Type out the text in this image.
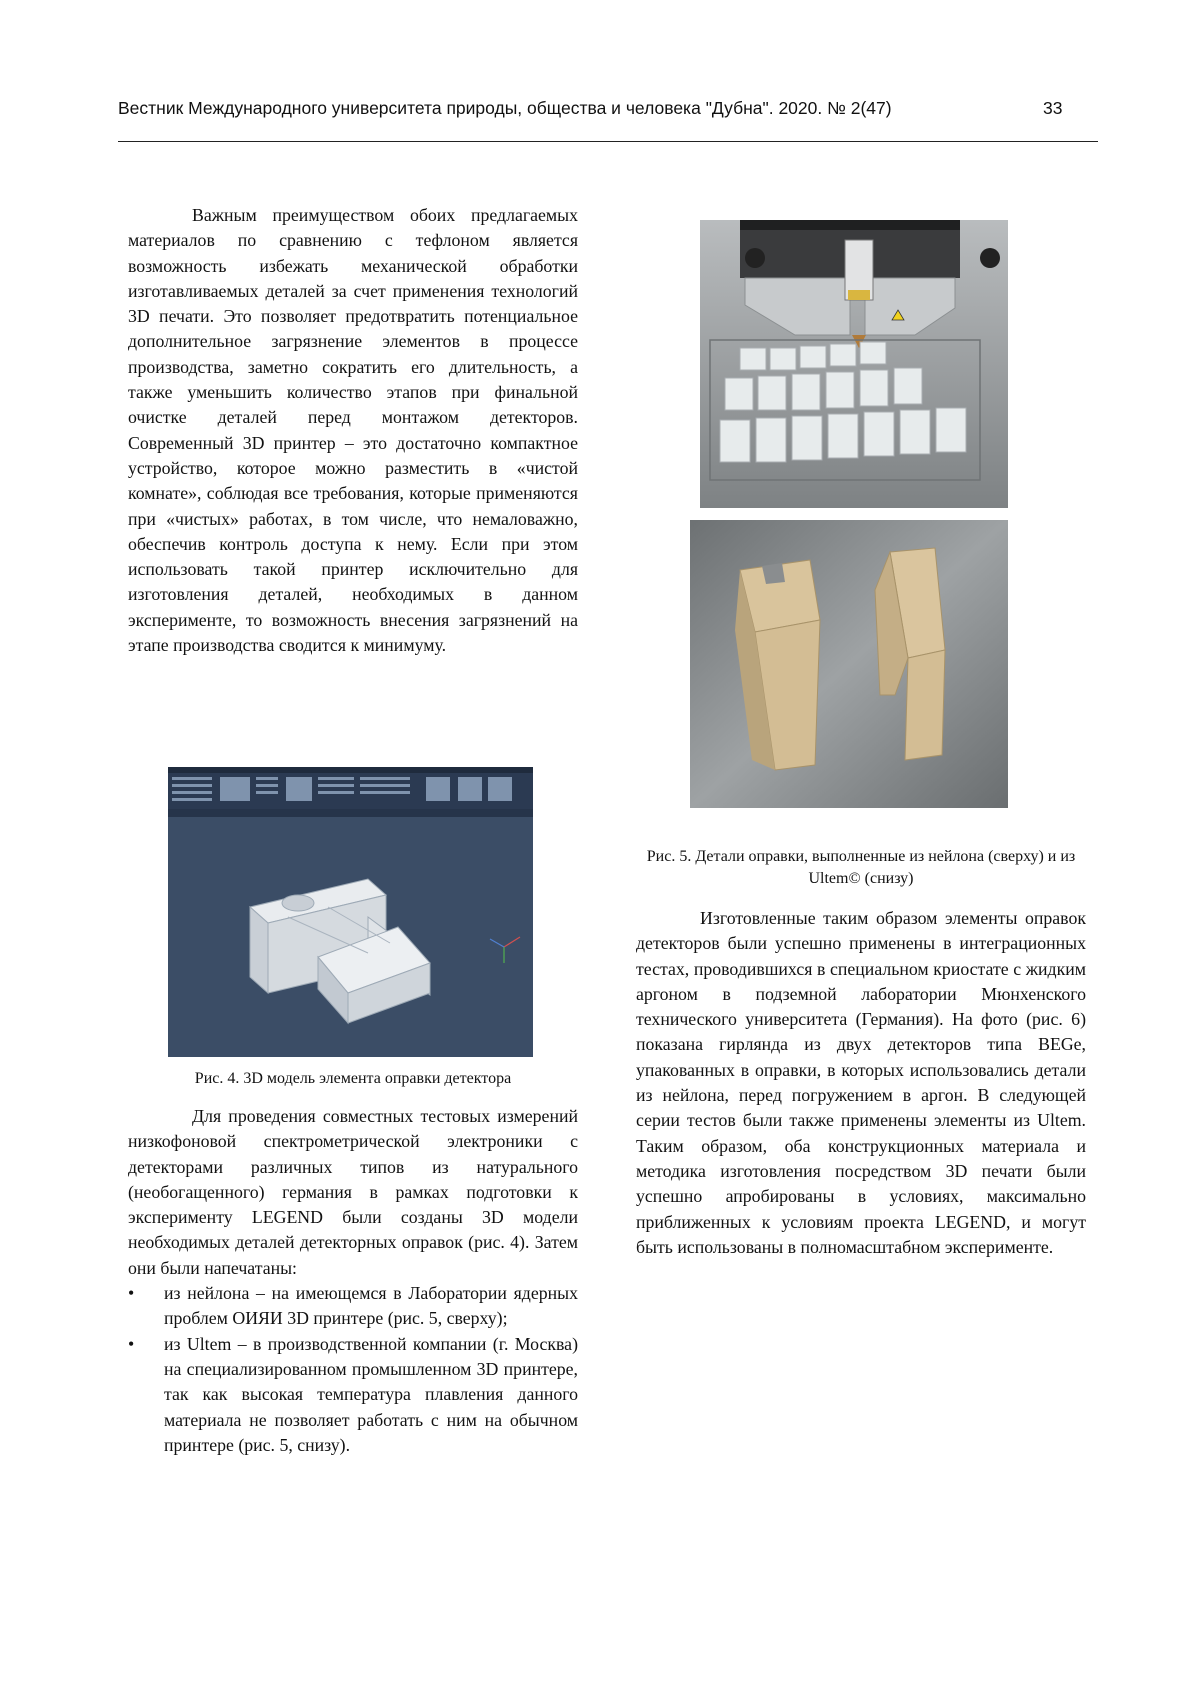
Вестник Международного университета природы, общества и человека "Дубна". 2020. № 2(47)	33

Важным преимуществом обоих предлагаемых материалов по сравнению с тефлоном является возможность избежать механической обработки изготавливаемых деталей за счет применения технологий 3D печати. Это позволяет предотвратить потенциальное дополнительное загрязнение элементов в процессе производства, заметно сократить его длительность, а также уменьшить количество этапов при финальной очистке деталей перед монтажом детекторов. Современный 3D принтер – это достаточно компактное устройство, которое можно разместить в «чистой комнате», соблюдая все требования, которые применяются при «чистых» работах, в том числе, что немаловажно, обеспечив контроль доступа к нему. Если при этом использовать такой принтер исключительно для изготовления деталей, необходимых в данном эксперименте, то возможность внесения загрязнений на этапе производства сводится к минимуму.

Рис. 4. 3D модель элемента оправки детектора

Для проведения совместных тестовых измерений низкофоновой спектрометрической электроники с детекторами различных типов из натурального (необогащенного) германия в рамках подготовки к эксперименту LEGEND были созданы 3D модели необходимых деталей детекторных оправок (рис. 4). Затем они были напечатаны:

• из нейлона – на имеющемся в Лаборатории ядерных проблем ОИЯИ 3D принтере (рис. 5, сверху);
• из Ultem – в производственной компании (г. Москва) на специализированном промышленном 3D принтере, так как высокая температура плавления данного материала не позволяет работать с ним на обычном принтере (рис. 5, снизу).

Рис. 5. Детали оправки, выполненные из нейлона (сверху) и из Ultem© (снизу)

Изготовленные таким образом элементы оправок детекторов были успешно применены в интеграционных тестах, проводившихся в специальном криостате с жидким аргоном в подземной лаборатории Мюнхенского технического университета (Германия). На фото (рис. 6) показана гирлянда из двух детекторов типа BEGe, упакованных в оправки, в которых использовались детали из нейлона, перед погружением в аргон. В следующей серии тестов были также применены элементы из Ultem. Таким образом, оба конструкционных материала и методика изготовления посредством 3D печати были успешно апробированы в условиях, максимально приближенных к условиям проекта LEGEND, и могут быть использованы в полномасштабном эксперименте.
